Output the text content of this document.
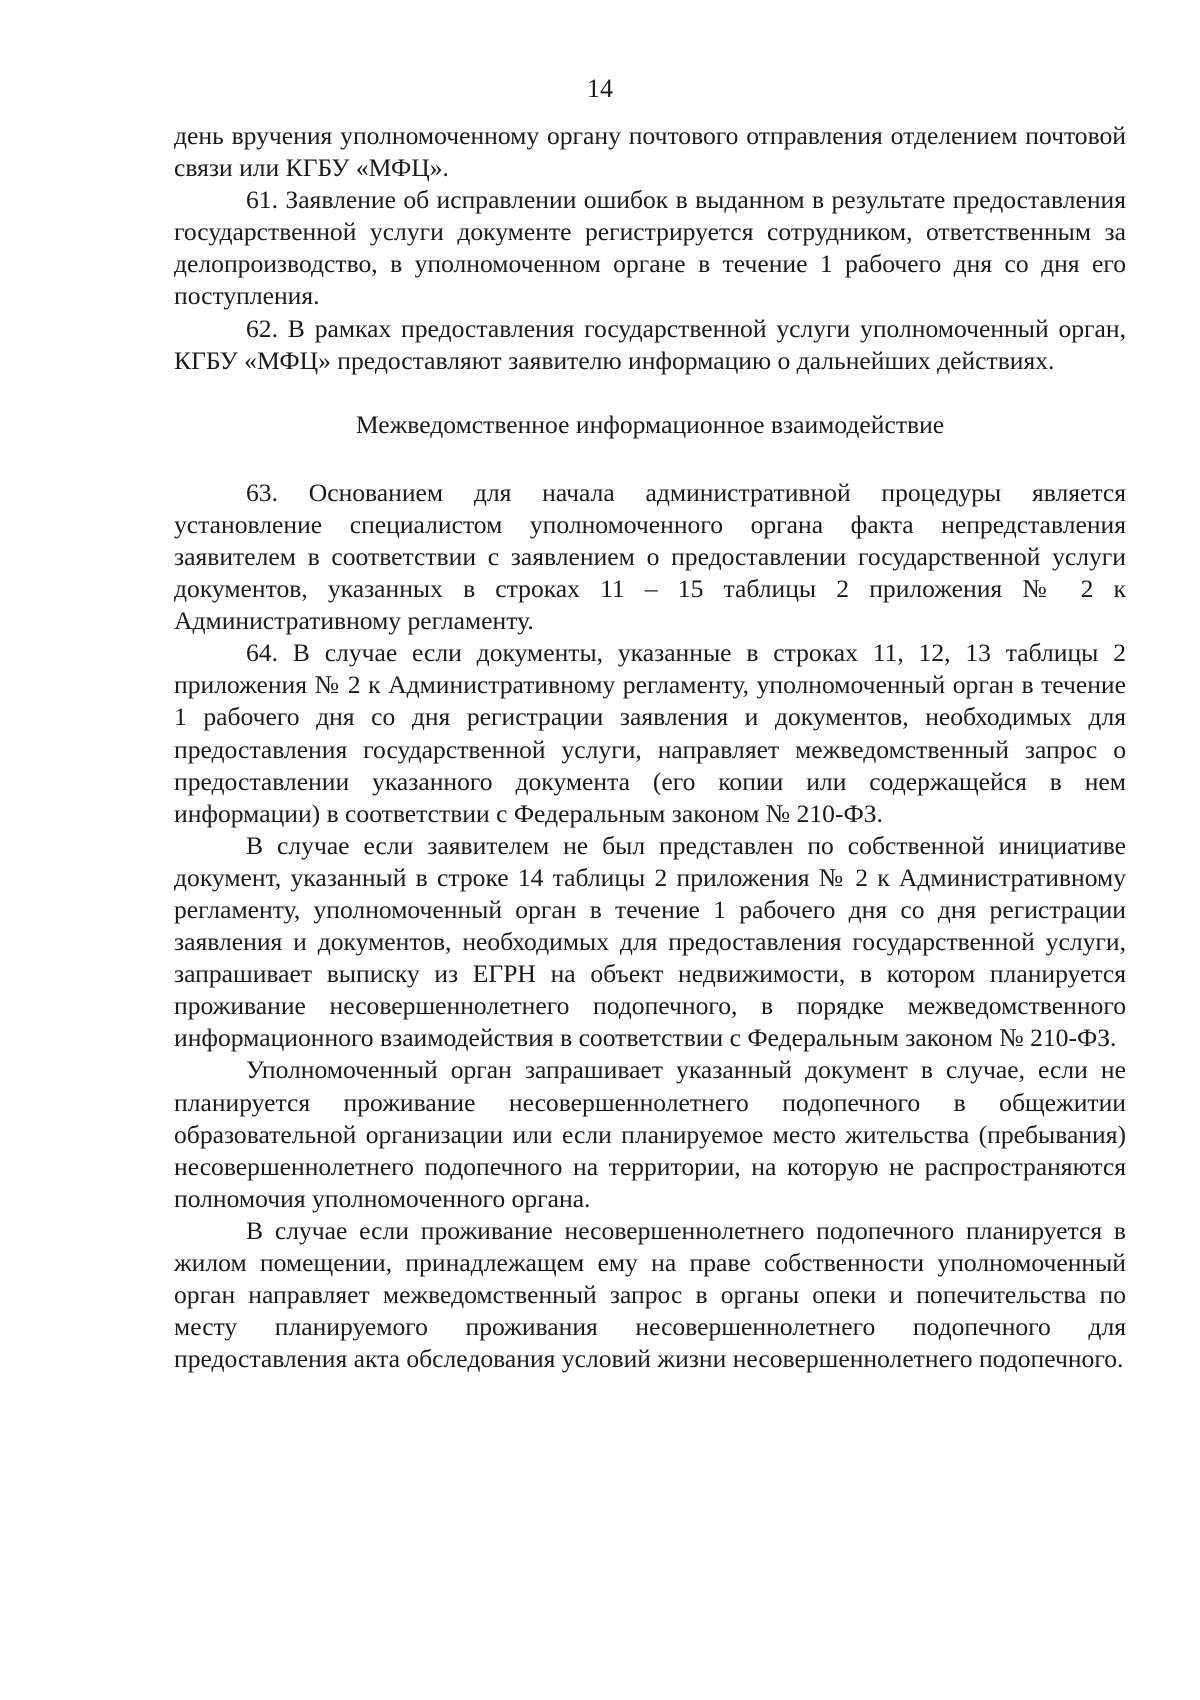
14

день вручения уполномоченному органу почтового отправления отделением почтовой связи или КГБУ «МФЦ».

61. Заявление об исправлении ошибок в выданном в результате предоставления государственной услуги документе регистрируется сотрудником, ответственным за делопроизводство, в уполномоченном органе в течение 1 рабочего дня со дня его поступления.

62. В рамках предоставления государственной услуги уполномоченный орган, КГБУ «МФЦ» предоставляют заявителю информацию о дальнейших действиях.

Межведомственное информационное взаимодействие

63. Основанием для начала административной процедуры является установление специалистом уполномоченного органа факта непредставления заявителем в соответствии с заявлением о предоставлении государственной услуги документов, указанных в строках 11 – 15 таблицы 2 приложения № 2 к Административному регламенту.

64. В случае если документы, указанные в строках 11, 12, 13 таблицы 2 приложения № 2 к Административному регламенту, уполномоченный орган в течение 1 рабочего дня со дня регистрации заявления и документов, необходимых для предоставления государственной услуги, направляет межведомственный запрос о предоставлении указанного документа (его копии или содержащейся в нем информации) в соответствии с Федеральным законом № 210-ФЗ.

В случае если заявителем не был представлен по собственной инициативе документ, указанный в строке 14 таблицы 2 приложения № 2 к Административному регламенту, уполномоченный орган в течение 1 рабочего дня со дня регистрации заявления и документов, необходимых для предоставления государственной услуги, запрашивает выписку из ЕГРН на объект недвижимости, в котором планируется проживание несовершеннолетнего подопечного, в порядке межведомственного информационного взаимодействия в соответствии с Федеральным законом № 210-ФЗ.

Уполномоченный орган запрашивает указанный документ в случае, если не планируется проживание несовершеннолетнего подопечного в общежитии образовательной организации или если планируемое место жительства (пребывания) несовершеннолетнего подопечного на территории, на которую не распространяются полномочия уполномоченного органа.

В случае если проживание несовершеннолетнего подопечного планируется в жилом помещении, принадлежащем ему на праве собственности уполномоченный орган направляет межведомственный запрос в органы опеки и попечительства по месту планируемого проживания несовершеннолетнего подопечного для предоставления акта обследования условий жизни несовершеннолетнего подопечного.
